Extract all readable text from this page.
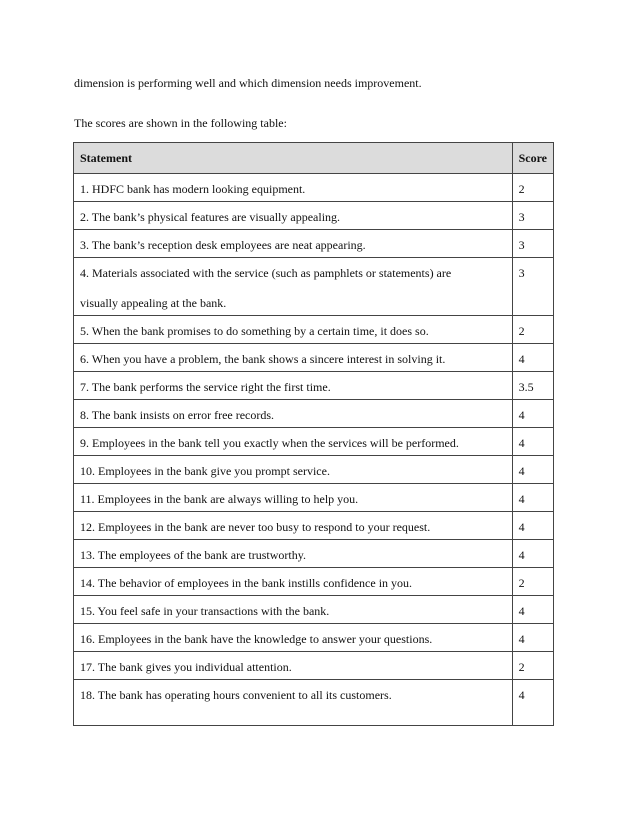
dimension is performing well and which dimension needs improvement.

The scores are shown in the following table:

Statement	Score
1. HDFC bank has modern looking equipment.	2
2. The bank’s physical features are visually appealing.	3
3. The bank’s reception desk employees are neat appearing.	3
4. Materials associated with the service (such as pamphlets or statements) are
visually appealing at the bank.	3
5. When the bank promises to do something by a certain time, it does so.	2
6. When you have a problem, the bank shows a sincere interest in solving it.	4
7. The bank performs the service right the first time.	3.5
8. The bank insists on error free records.	4
9. Employees in the bank tell you exactly when the services will be performed.	4
10. Employees in the bank give you prompt service.	4
11. Employees in the bank are always willing to help you.	4
12. Employees in the bank are never too busy to respond to your request.	4
13. The employees of the bank are trustworthy.	4
14. The behavior of employees in the bank instills confidence in you.	2
15. You feel safe in your transactions with the bank.	4
16. Employees in the bank have the knowledge to answer your questions.	4
17. The bank gives you individual attention.	2
18. The bank has operating hours convenient to all its customers.	4
